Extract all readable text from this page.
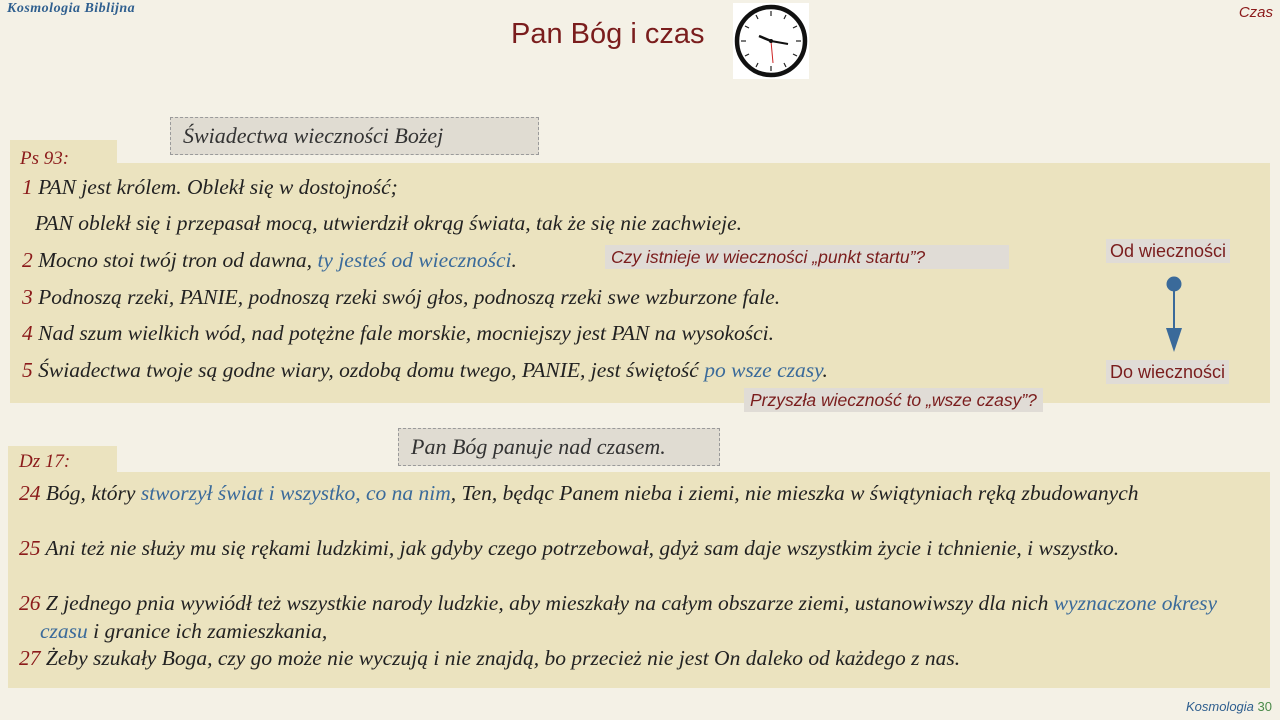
Kosmologia Biblijna	Czas
Pan Bóg i czas
Świadectwa wieczności Bożej
Ps 93:
1 PAN jest królem. Oblekł się w dostojność;
PAN oblekł się i przepasał mocą, utwierdził okrąg świata, tak że się nie zachwieje.
2 Mocno stoi twój tron od dawna, ty jesteś od wieczności.	Czy istnieje w wieczności „punkt startu”?
3 Podnoszą rzeki, PANIE, podnoszą rzeki swój głos, podnoszą rzeki swe wzburzone fale.
4 Nad szum wielkich wód, nad potężne fale morskie, mocniejszy jest PAN na wysokości.
5 Świadectwa twoje są godne wiary, ozdobą domu twego, PANIE, jest świętość po wsze czasy.
Przyszła wieczność to „wsze czasy”?
Od wieczności
Do wieczności
Pan Bóg panuje nad czasem.
Dz 17:
24 Bóg, który stworzył świat i wszystko, co na nim, Ten, będąc Panem nieba i ziemi, nie mieszka w świątyniach ręką zbudowanych
25 Ani też nie służy mu się rękami ludzkimi, jak gdyby czego potrzebował, gdyż sam daje wszystkim życie i tchnienie, i wszystko.
26 Z jednego pnia wywiódł też wszystkie narody ludzkie, aby mieszkały na całym obszarze ziemi, ustanowiwszy dla nich wyznaczone okresy czasu i granice ich zamieszkania,
27 Żeby szukały Boga, czy go może nie wyczują i nie znajdą, bo przecież nie jest On daleko od każdego z nas.
Kosmologia 30
